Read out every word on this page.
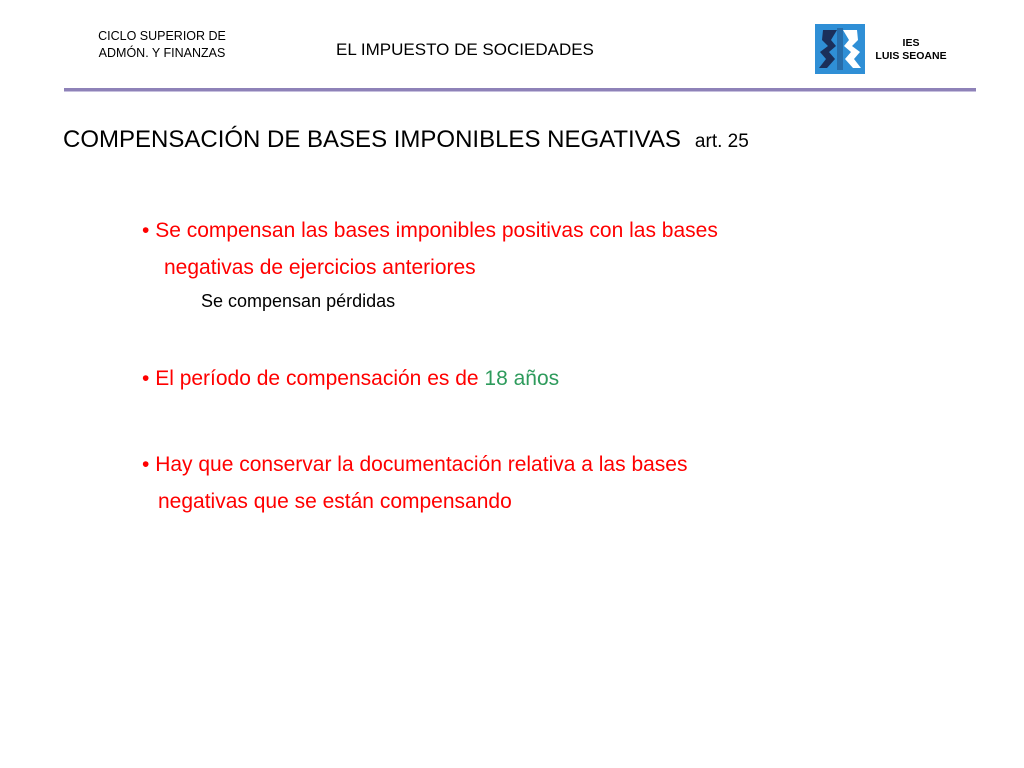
CICLO SUPERIOR DE
ADMÓN. Y FINANZAS	EL IMPUESTO DE SOCIEDADES	IES
LUIS SEOANE
COMPENSACIÓN DE BASES IMPONIBLES NEGATIVAS art. 25
• Se compensan las bases imponibles positivas con las bases
negativas de ejercicios anteriores
Se compensan pérdidas
• El período de compensación es de 18 años
• Hay que conservar la documentación relativa a las bases
negativas que se están compensando
